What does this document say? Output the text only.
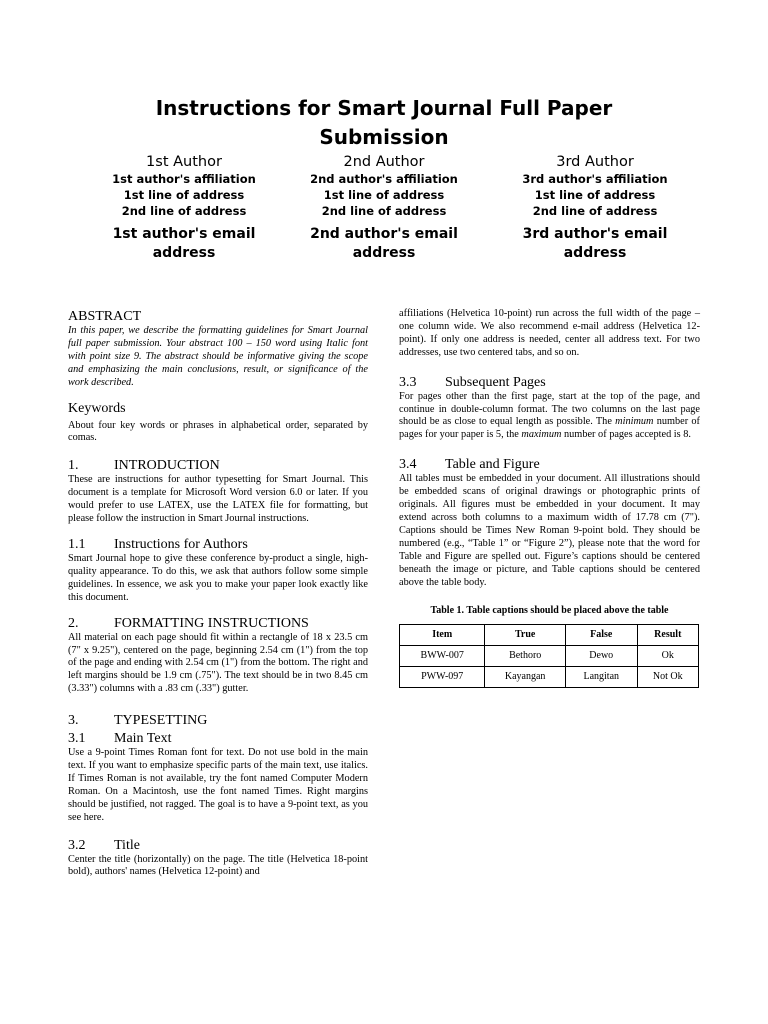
Instructions for Smart Journal Full Paper
Submission
1st Author
1st author's affiliation
1st line of address
2nd line of address
1st author's email
address
2nd Author
2nd author's affiliation
1st line of address
2nd line of address
2nd author's email
address
3rd Author
3rd author's affiliation
1st line of address
2nd line of address
3rd author's email
address
ABSTRACT

In this paper, we describe the formatting guidelines for Smart Journal full paper submission. Your abstract 100 – 150 word using Italic font with point size 9. The abstract should be informative giving the scope and emphasizing the main conclusions, result, or significance of the work described.

Keywords

About four key words or phrases in alphabetical order, separated by comas.

1.	INTRODUCTION

These are instructions for author typesetting for Smart Journal. This document is a template for Microsoft Word version 6.0 or later. If you would prefer to use LATEX, use the LATEX file for formatting, but please follow the instruction in Smart Journal instructions.

1.1	Instructions for Authors

Smart Journal hope to give these conference by-product a single, high-quality appearance. To do this, we ask that authors follow some simple guidelines. In essence, we ask you to make your paper look exactly like this document.

2.	FORMATTING INSTRUCTIONS

All material on each page should fit within a rectangle of 18 x 23.5 cm (7" x 9.25"), centered on the page, beginning 2.54 cm (1") from the top of the page and ending with 2.54 cm (1") from the bottom. The right and left margins should be 1.9 cm (.75"). The text should be in two 8.45 cm (3.33") columns with a .83 cm (.33") gutter.

3.	TYPESETTING
3.1	Main Text

Use a 9-point Times Roman font for text. Do not use bold in the main text. If you want to emphasize specific parts of the main text, use italics. If Times Roman is not available, try the font named Computer Modern Roman. On a Macintosh, use the font named Times. Right margins should be justified, not ragged. The goal is to have a 9-point text, as you see here.

3.2	Title

Center the title (horizontally) on the page. The title (Helvetica 18-point bold), authors' names (Helvetica 12-point) and

affiliations (Helvetica 10-point) run across the full width of the page – one column wide. We also recommend e-mail address (Helvetica 12-point). If only one address is needed, center all address text. For two addresses, use two centered tabs, and so on.

3.3	Subsequent Pages

For pages other than the first page, start at the top of the page, and continue in double-column format. The two columns on the last page should be as close to equal length as possible. The minimum number of pages for your paper is 5, the maximum number of pages accepted is 8.

3.4	Table and Figure

All tables must be embedded in your document. All illustrations should be embedded scans of original drawings or photographic prints of originals. All figures must be embedded in your document. It may extend across both columns to a maximum width of 17.78 cm (7"). Captions should be Times New Roman 9-point bold. They should be numbered (e.g., “Table 1” or “Figure 2”), please note that the word for Table and Figure are spelled out. Figure’s captions should be centered beneath the image or picture, and Table captions should be centered above the table body.

Table 1. Table captions should be placed above the table
Item	True	False	Result
BWW-007	Bethoro	Dewo	Ok
PWW-097	Kayangan	Langitan	Not Ok
